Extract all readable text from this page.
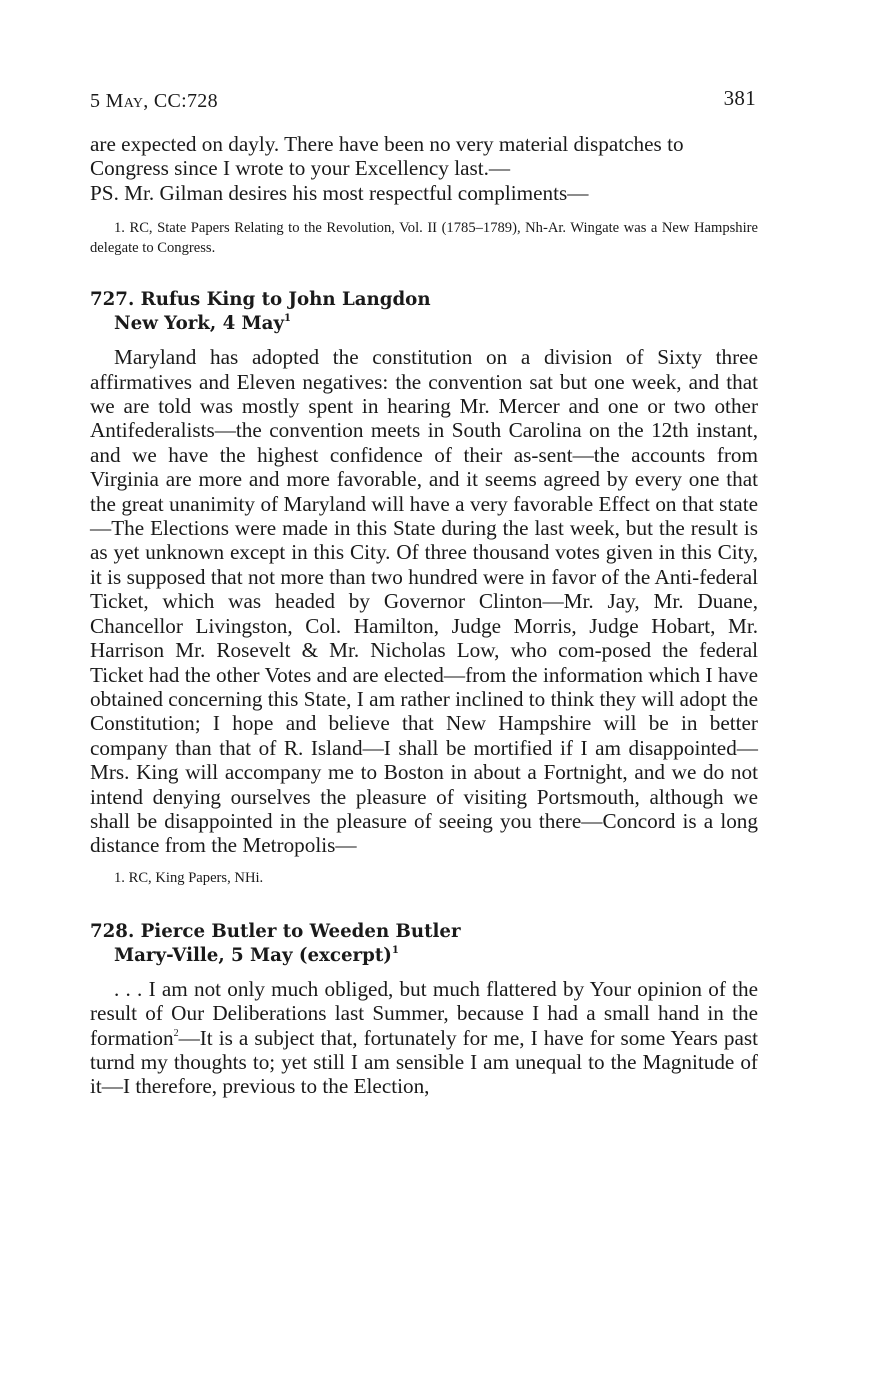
5 May, CC:728	381

are expected on dayly. There have been no very material dispatches to Congress since I wrote to your Excellency last.—

PS. Mr. Gilman desires his most respectful compliments—

1. RC, State Papers Relating to the Revolution, Vol. II (1785–1789), Nh-Ar. Wingate was a New Hampshire delegate to Congress.

727. Rufus King to John Langdon
New York, 4 May$^1$

Maryland has adopted the constitution on a division of Sixty three affirmatives and Eleven negatives: the convention sat but one week, and that we are told was mostly spent in hearing Mr. Mercer and one or two other Antifederalists—the convention meets in South Carolina on the 12th instant, and we have the highest confidence of their as-sent—the accounts from Virginia are more and more favorable, and it seems agreed by every one that the great unanimity of Maryland will have a very favorable Effect on that state—The Elections were made in this State during the last week, but the result is as yet unknown except in this City. Of three thousand votes given in this City, it is supposed that not more than two hundred were in favor of the Anti-federal Ticket, which was headed by Governor Clinton—Mr. Jay, Mr. Duane, Chancellor Livingston, Col. Hamilton, Judge Morris, Judge Hobart, Mr. Harrison Mr. Rosevelt & Mr. Nicholas Low, who com-posed the federal Ticket had the other Votes and are elected—from the information which I have obtained concerning this State, I am rather inclined to think they will adopt the Constitution; I hope and believe that New Hampshire will be in better company than that of R. Island—I shall be mortified if I am disappointed—Mrs. King will accompany me to Boston in about a Fortnight, and we do not intend denying ourselves the pleasure of visiting Portsmouth, although we shall be disappointed in the pleasure of seeing you there—Concord is a long distance from the Metropolis—

1. RC, King Papers, NHi.

728. Pierce Butler to Weeden Butler
Mary-Ville, 5 May (excerpt)$^1$

. . . I am not only much obliged, but much flattered by Your opinion of the result of Our Deliberations last Summer, because I had a small hand in the formation$^2$—It is a subject that, fortunately for me, I have for some Years past turnd my thoughts to; yet still I am sensible I am unequal to the Magnitude of it—I therefore, previous to the Election,
